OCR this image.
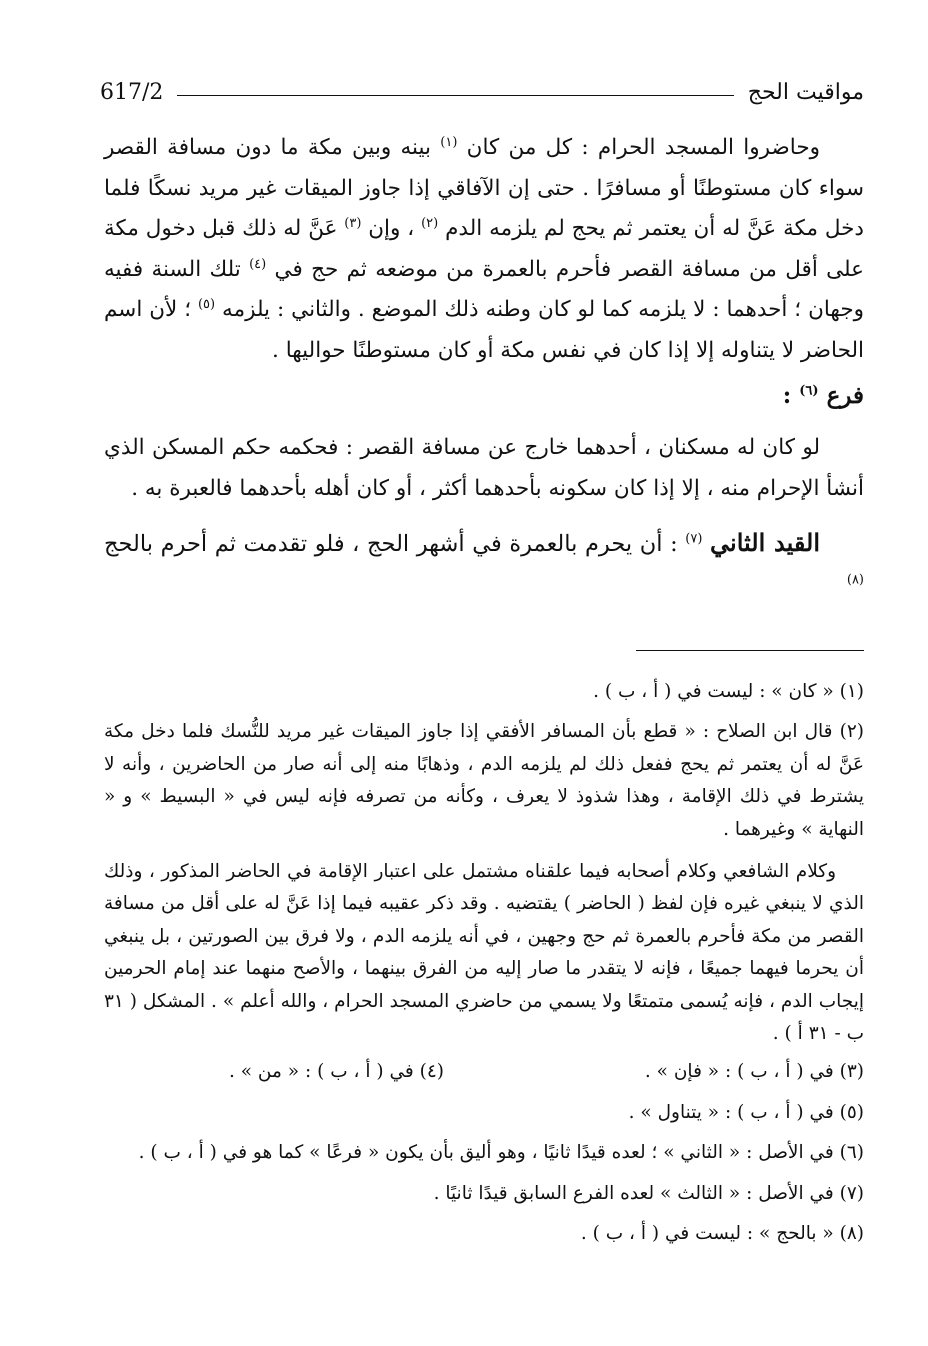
617/2	مواقيت الحج

وحاضروا المسجد الحرام : كل من كان $^{(١)}$ بينه وبين مكة ما دون مسافة القصر سواء كان مستوطنًا أو مسافرًا . حتى إن الآفاقي إذا جاوز الميقات غير مريد نسكًا فلما دخل مكة عَنَّ له أن يعتمر ثم يحج لم يلزمه الدم $^{(٢)}$ ، وإن $^{(٣)}$ عَنَّ له ذلك قبل دخول مكة على أقل من مسافة القصر فأحرم بالعمرة من موضعه ثم حج في $^{(٤)}$ تلك السنة ففيه وجهان ؛ أحدهما : لا يلزمه كما لو كان وطنه ذلك الموضع . والثاني : يلزمه $^{(٥)}$ ؛ لأن اسم الحاضر لا يتناوله إلا إذا كان في نفس مكة أو كان مستوطنًا حواليها .

فرع $^{(٦)}$ :

لو كان له مسكنان ، أحدهما خارج عن مسافة القصر : فحكمه حكم المسكن الذي أنشأ الإحرام منه ، إلا إذا كان سكونه بأحدهما أكثر ، أو كان أهله بأحدهما فالعبرة به .

القيد الثاني $^{(٧)}$ : أن يحرم بالعمرة في أشهر الحج ، فلو تقدمت ثم أحرم بالحج $^{(٨)}$

(١) « كان » : ليست في ( أ ، ب ) .

(٢) قال ابن الصلاح : « قطع بأن المسافر الأفقي إذا جاوز الميقات غير مريد للنُّسك فلما دخل مكة عَنَّ له أن يعتمر ثم يحج ففعل ذلك لم يلزمه الدم ، وذهابًا منه إلى أنه صار من الحاضرين ، وأنه لا يشترط في ذلك الإقامة ، وهذا شذوذ لا يعرف ، وكأنه من تصرفه فإنه ليس في « البسيط » و « النهاية » وغيرهما .

وكلام الشافعي وكلام أصحابه فيما علقناه مشتمل على اعتبار الإقامة في الحاضر المذكور ، وذلك الذي لا ينبغي غيره فإن لفظ ( الحاضر ) يقتضيه . وقد ذكر عقيبه فيما إذا عَنَّ له على أقل من مسافة القصر من مكة فأحرم بالعمرة ثم حج وجهين ، في أنه يلزمه الدم ، ولا فرق بين الصورتين ، بل ينبغي أن يحرما فيهما جميعًا ، فإنه لا يتقدر ما صار إليه من الفرق بينهما ، والأصح منهما عند إمام الحرمين إيجاب الدم ، فإنه يُسمى متمتعًا ولا يسمي من حاضري المسجد الحرام ، والله أعلم » . المشكل ( ٣١ ب - ٣١ أ ) .

(٣) في ( أ ، ب ) : « فإن » .
(٤) في ( أ ، ب ) : « من » .

(٥) في ( أ ، ب ) : « يتناول » .

(٦) في الأصل : « الثاني » ؛ لعده قيدًا ثانيًا ، وهو أليق بأن يكون « فرعًا » كما هو في ( أ ، ب ) .

(٧) في الأصل : « الثالث » لعده الفرع السابق قيدًا ثانيًا .

(٨) « بالحج » : ليست في ( أ ، ب ) .
